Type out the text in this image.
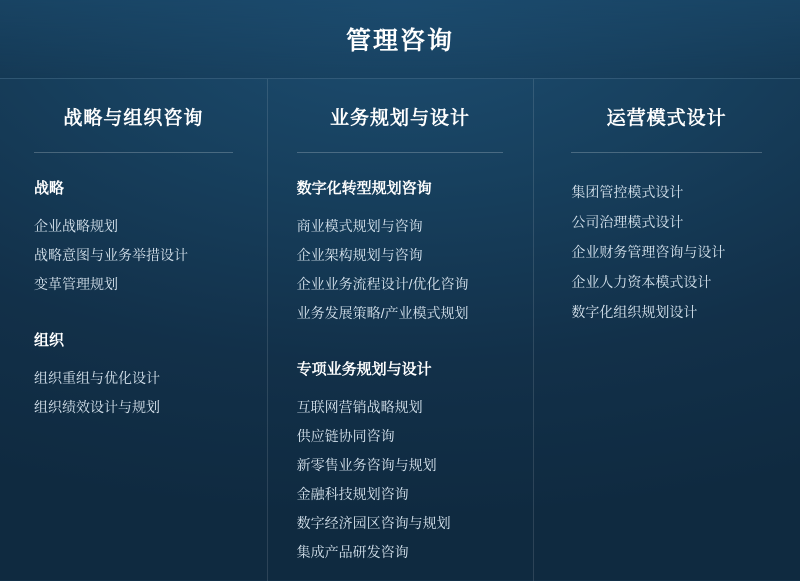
管理咨询
战略与组织咨询
战略
企业战略规划
战略意图与业务举措设计
变革管理规划
组织
组织重组与优化设计
组织绩效设计与规划
业务规划与设计
数字化转型规划咨询
商业模式规划与咨询
企业架构规划与咨询
企业业务流程设计/优化咨询
业务发展策略/产业模式规划
专项业务规划与设计
互联网营销战略规划
供应链协同咨询
新零售业务咨询与规划
金融科技规划咨询
数字经济园区咨询与规划
集成产品研发咨询
运营模式设计
集团管控模式设计
公司治理模式设计
企业财务管理咨询与设计
企业人力资本模式设计
数字化组织规划设计
